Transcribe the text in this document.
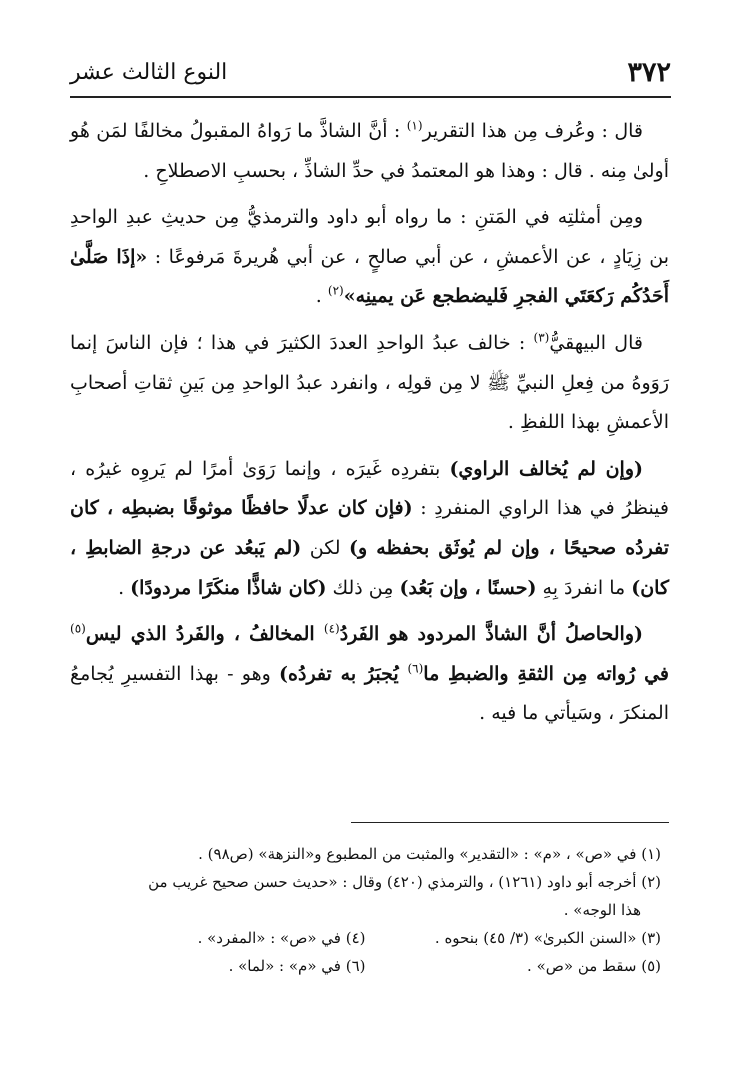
٣٧٢
النوع الثالث عشر

قال : وعُرف مِن هذا التقرير$^{(١)}$ : أنَّ الشاذَّ ما رَواهُ المقبولُ مخالفًا لمَن هُو أولىٰ مِنه . قال : وهذا هو المعتمدُ في حدِّ الشاذِّ ، بحسبِ الاصطلاحِ .

ومِن أمثلتِه في المَتنِ : ما رواه أبو داود والترمذيُّ مِن حديثِ عبدِ الواحدِ بن زِيَادٍ ، عن الأعمشِ ، عن أبي صالحٍ ، عن أبي هُريرةَ مَرفوعًا : «إذَا صَلَّىٰ أَحَدُكُم رَكعَتَي الفجرِ فَليضطجع عَن يمينِه»$^{(٢)}$ .

قال البيهقيُّ$^{(٣)}$ : خالف عبدُ الواحدِ العددَ الكثيرَ في هذا ؛ فإن الناسَ إنما رَوَوهُ من فِعلِ النبيِّ ﷺ لا مِن قولِه ، وانفرد عبدُ الواحدِ مِن بَينِ ثقاتِ أصحابِ الأعمشِ بهذا اللفظِ .

(وإن لم يُخالف الراوي) بتفردِه غَيرَه ، وإنما رَوَىٰ أمرًا لم يَروِه غيرُه ، فينظرُ في هذا الراوي المنفردِ : (فإن كان عدلًا حافظًا موثوقًا بضبطِه ، كان تفردُه صحيحًا ، وإن لم يُوثَق بحفظه و) لكن (لم يَبعُد عن درجةِ الضابطِ ، كان) ما انفردَ بِهِ (حسنًا ، وإن بَعُد) مِن ذلك (كان شاذًّا منكَرًا مردودًا) .

(والحاصلُ أنَّ الشاذَّ المردود هو الفَردُ$^{(٤)}$ المخالفُ ، والفَردُ الذي ليس$^{(٥)}$ في رُواته مِن الثقةِ والضبطِ ما$^{(٦)}$ يُجبَرُ به تفردُه) وهو - بهذا التفسيرِ يُجامعُ المنكرَ ، وسَيأتي ما فيه .

(١) في «ص» ، «م» : «التقدير» والمثبت من المطبوع و«النزهة» (ص٩٨) .

(٢) أخرجه أبو داود (١٢٦١) ، والترمذي (٤٢٠) وقال : «حديث حسن صحيح غريب من

هذا الوجه» .

(٣) «السنن الكبرىٰ» (٣/ ٤٥) بنحوه .

(٤) في «ص» : «المفرد» .

(٥) سقط من «ص» .

(٦) في «م» : «لما» .
